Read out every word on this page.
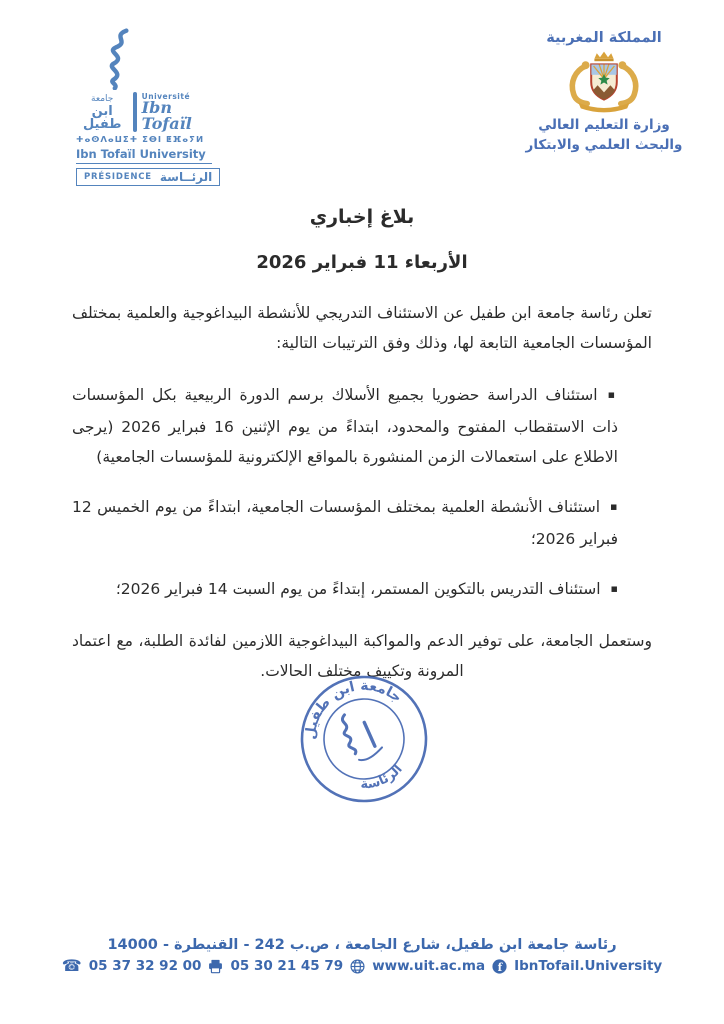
جامعة
ابن طفيل
Université
Ibn Tofaïl
ⵜⴰⵙⴷⴰⵡⵉⵜ ⵉⴱⵏ ⵟⴼⴰⵢⵍ
Ibn Tofaïl University
PRÉSIDENCE الرئــاسة
المملكة المغربية
وزارة التعليم العالي
والبحث العلمي والابتكار
بلاغ إخباري
الأربعاء 11 فبراير 2026

تعلن رئاسة جامعة ابن طفيل عن الاستئناف التدريجي للأنشطة البيداغوجية والعلمية بمختلف المؤسسات الجامعية التابعة لها، وذلك وفق الترتيبات التالية:

▪ استئناف الدراسة حضوريا بجميع الأسلاك برسم الدورة الربيعية بكل المؤسسات ذات الاستقطاب المفتوح والمحدود، ابتداءً من يوم الإثنين 16 فبراير 2026 (يرجى الاطلاع على استعمالات الزمن المنشورة بالمواقع الإلكترونية للمؤسسات الجامعية)
▪ استئناف الأنشطة العلمية بمختلف المؤسسات الجامعية، ابتداءً من يوم الخميس 12 فبراير 2026؛
▪ استئناف التدريس بالتكوين المستمر، إبتداءً من يوم السبت 14 فبراير 2026؛

وستعمل الجامعة، على توفير الدعم والمواكبة البيداغوجية اللازمين لفائدة الطلبة، مع اعتماد المرونة وتكييف مختلف الحالات.

جامعة ابن طفيل
الرئاسة
رئاسة جامعة ابن طفيل، شارع الجامعة ، ص.ب 242 - القنيطرة - 14000
☎ 05 37 32 92 00 05 30 21 45 79 www.uit.ac.ma f IbnTofail.University
